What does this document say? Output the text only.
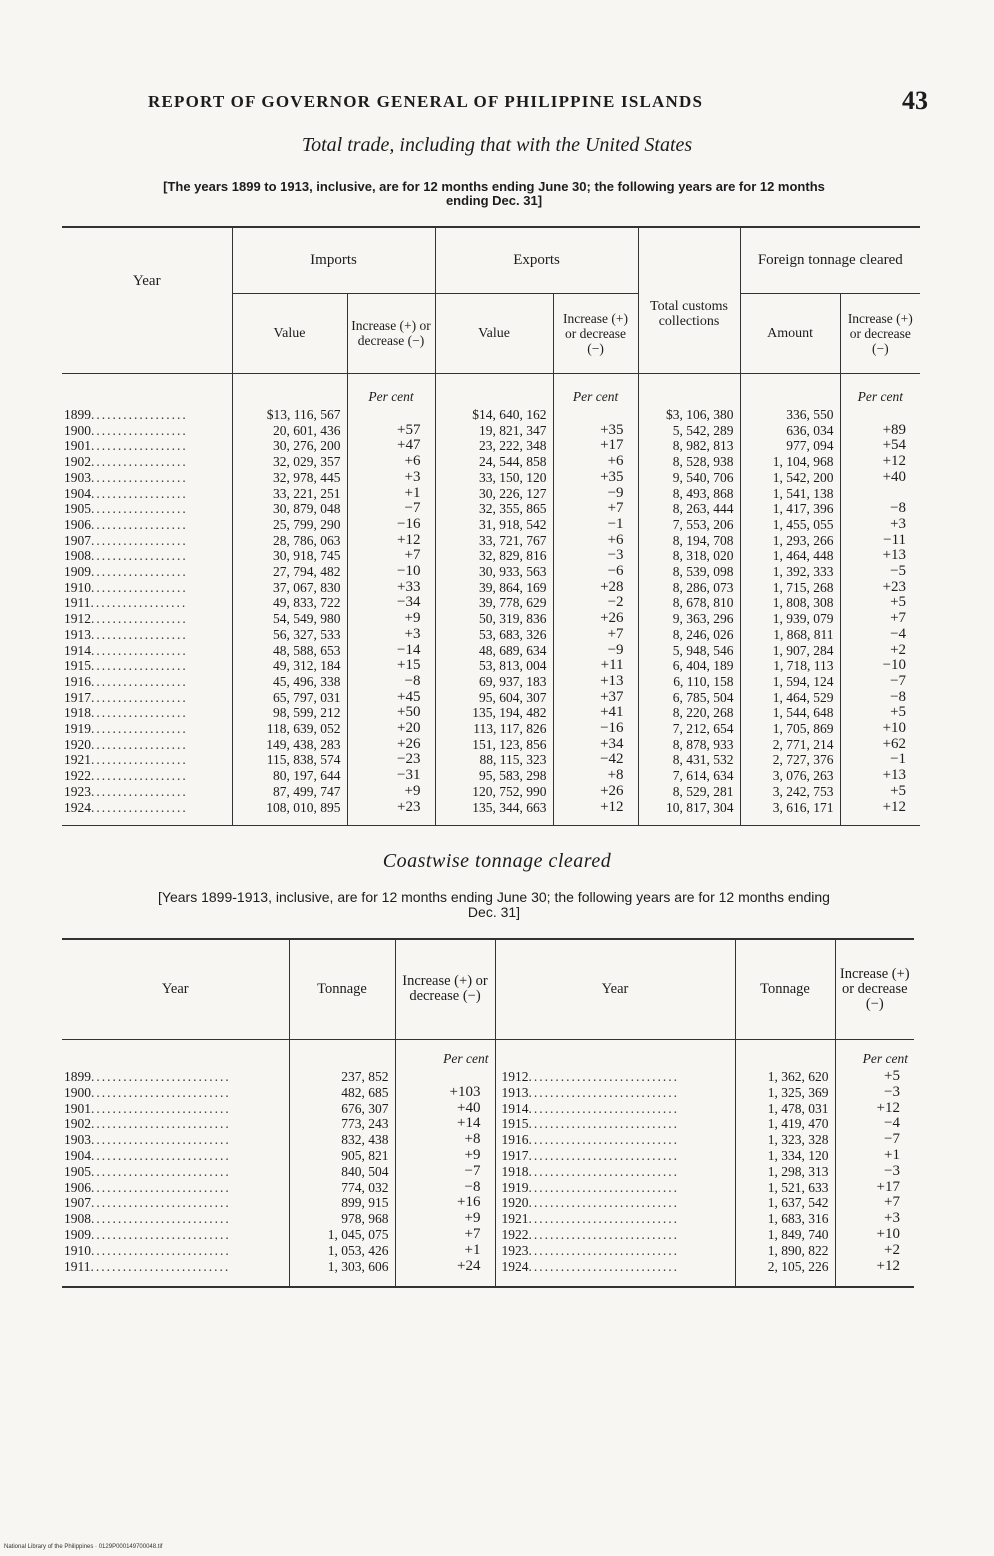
REPORT OF GOVERNOR GENERAL OF PHILIPPINE ISLANDS	43
Total trade, including that with the United States
[The years 1899 to 1913, inclusive, are for 12 months ending June 30; the following years are for 12 months
ending Dec. 31]
Year	Imports		Exports		Total customs collections	Foreign tonnage cleared	
	Value	Increase (+) or decrease (−)	Value	Increase (+) or decrease (−)		Amount	Increase (+) or decrease (−)
		Per cent		Per cent			Per cent
1899..................	$13, 116, 567		$14, 640, 162		$3, 106, 380	336, 550	
1900..................	20, 601, 436	+57	19, 821, 347	+35	5, 542, 289	636, 034	+89
1901..................	30, 276, 200	+47	23, 222, 348	+17	8, 982, 813	977, 094	+54
1902..................	32, 029, 357	+6	24, 544, 858	+6	8, 528, 938	1, 104, 968	+12
1903..................	32, 978, 445	+3	33, 150, 120	+35	9, 540, 706	1, 542, 200	+40
1904..................	33, 221, 251	+1	30, 226, 127	−9	8, 493, 868	1, 541, 138	
1905..................	30, 879, 048	−7	32, 355, 865	+7	8, 263, 444	1, 417, 396	−8
1906..................	25, 799, 290	−16	31, 918, 542	−1	7, 553, 206	1, 455, 055	+3
1907..................	28, 786, 063	+12	33, 721, 767	+6	8, 194, 708	1, 293, 266	−11
1908..................	30, 918, 745	+7	32, 829, 816	−3	8, 318, 020	1, 464, 448	+13
1909..................	27, 794, 482	−10	30, 933, 563	−6	8, 539, 098	1, 392, 333	−5
1910..................	37, 067, 830	+33	39, 864, 169	+28	8, 286, 073	1, 715, 268	+23
1911..................	49, 833, 722	−34	39, 778, 629	−2	8, 678, 810	1, 808, 308	+5
1912..................	54, 549, 980	+9	50, 319, 836	+26	9, 363, 296	1, 939, 079	+7
1913..................	56, 327, 533	+3	53, 683, 326	+7	8, 246, 026	1, 868, 811	−4
1914..................	48, 588, 653	−14	48, 689, 634	−9	5, 948, 546	1, 907, 284	+2
1915..................	49, 312, 184	+15	53, 813, 004	+11	6, 404, 189	1, 718, 113	−10
1916..................	45, 496, 338	−8	69, 937, 183	+13	6, 110, 158	1, 594, 124	−7
1917..................	65, 797, 031	+45	95, 604, 307	+37	6, 785, 504	1, 464, 529	−8
1918..................	98, 599, 212	+50	135, 194, 482	+41	8, 220, 268	1, 544, 648	+5
1919..................	118, 639, 052	+20	113, 117, 826	−16	7, 212, 654	1, 705, 869	+10
1920..................	149, 438, 283	+26	151, 123, 856	+34	8, 878, 933	2, 771, 214	+62
1921..................	115, 838, 574	−23	88, 115, 323	−42	8, 431, 532	2, 727, 376	−1
1922..................	80, 197, 644	−31	95, 583, 298	+8	7, 614, 634	3, 076, 263	+13
1923..................	87, 499, 747	+9	120, 752, 990	+26	8, 529, 281	3, 242, 753	+5
1924..................	108, 010, 895	+23	135, 344, 663	+12	10, 817, 304	3, 616, 171	+12
Coastwise tonnage cleared
[Years 1899-1913, inclusive, are for 12 months ending June 30; the following years are for 12 months ending
Dec. 31]
Year	Tonnage	Increase (+) or decrease (−)	Year	Tonnage	Increase (+) or decrease (−)
		Per cent			Per cent
1899..........................	237, 852		1912............................	1, 362, 620	+5
1900..........................	482, 685	+103	1913............................	1, 325, 369	−3
1901..........................	676, 307	+40	1914............................	1, 478, 031	+12
1902..........................	773, 243	+14	1915............................	1, 419, 470	−4
1903..........................	832, 438	+8	1916............................	1, 323, 328	−7
1904..........................	905, 821	+9	1917............................	1, 334, 120	+1
1905..........................	840, 504	−7	1918............................	1, 298, 313	−3
1906..........................	774, 032	−8	1919............................	1, 521, 633	+17
1907..........................	899, 915	+16	1920............................	1, 637, 542	+7
1908..........................	978, 968	+9	1921............................	1, 683, 316	+3
1909..........................	1, 045, 075	+7	1922............................	1, 849, 740	+10
1910..........................	1, 053, 426	+1	1923............................	1, 890, 822	+2
1911..........................	1, 303, 606	+24	1924............................	2, 105, 226	+12
National Library of the Philippines · 0129P000149700048.tif
